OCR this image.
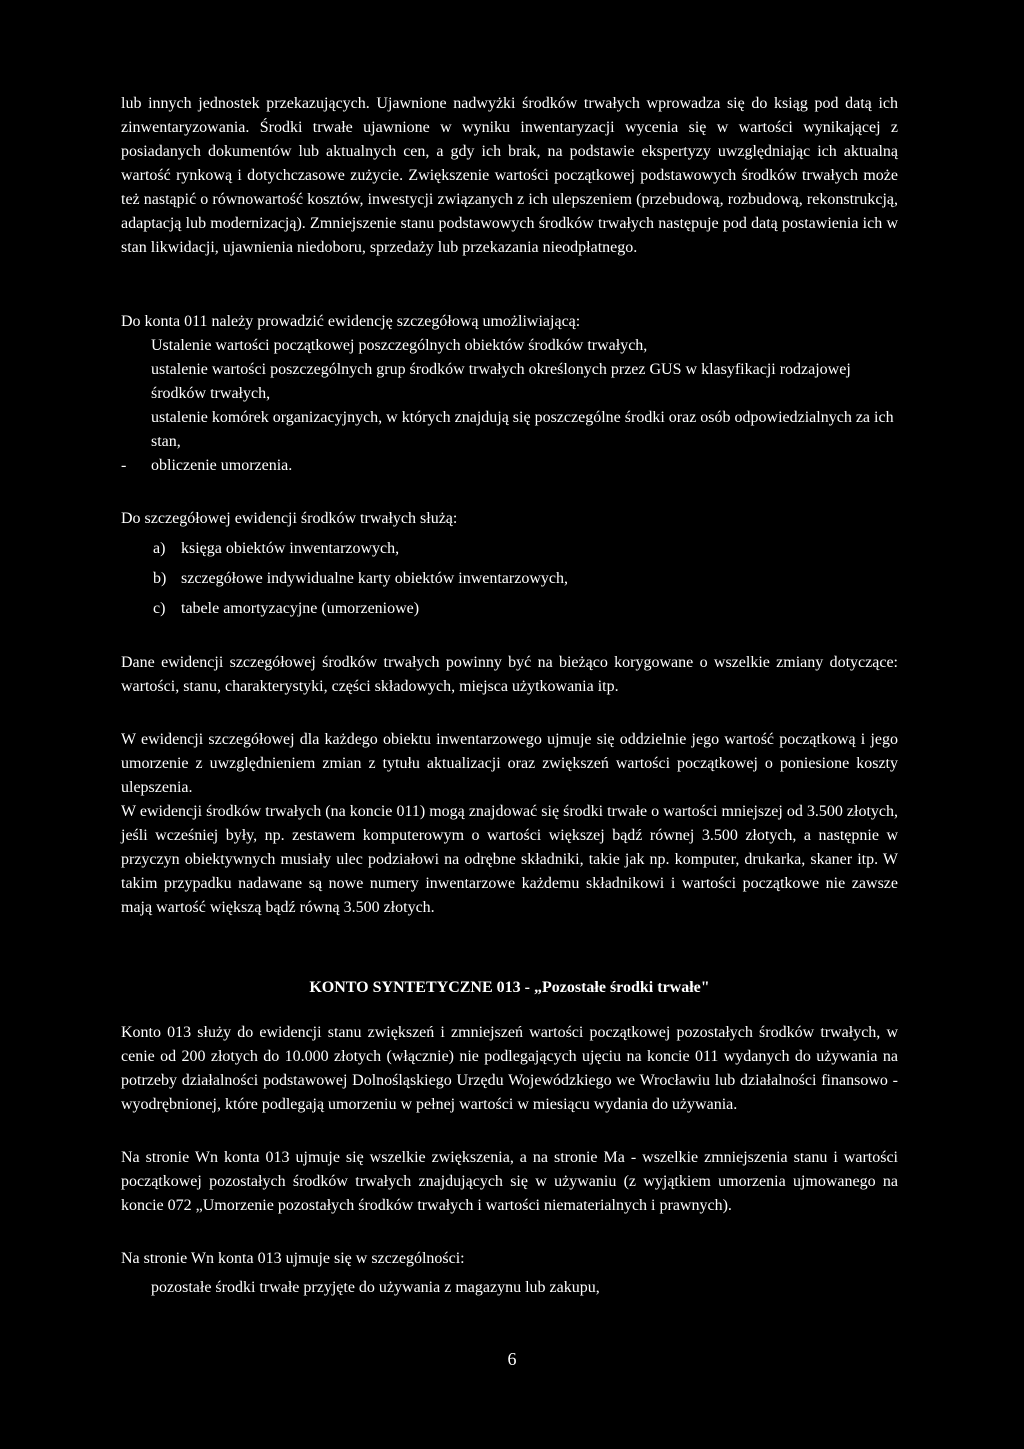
lub innych jednostek przekazujących. Ujawnione nadwyżki środków trwałych wprowadza się do ksiąg pod datą ich zinwentaryzowania. Środki trwałe ujawnione w wyniku inwentaryzacji wycenia się w wartości wynikającej z posiadanych dokumentów lub aktualnych cen, a gdy ich brak, na podstawie ekspertyzy uwzględniając ich aktualną wartość rynkową i dotychczasowe zużycie. Zwiększenie wartości początkowej podstawowych środków trwałych może też nastąpić o równowartość kosztów, inwestycji związanych z ich ulepszeniem (przebudową, rozbudową, rekonstrukcją, adaptacją lub modernizacją). Zmniejszenie stanu podstawowych środków trwałych następuje pod datą postawienia ich w stan likwidacji, ujawnienia niedoboru, sprzedaży lub przekazania nieodpłatnego.

Do konta 011 należy prowadzić ewidencję szczegółową umożliwiającą:

Ustalenie wartości początkowej poszczególnych obiektów środków trwałych,
ustalenie wartości poszczególnych grup środków trwałych określonych przez GUS w klasyfikacji rodzajowej środków trwałych,
ustalenie komórek organizacyjnych, w których znajdują się poszczególne środki oraz osób odpowiedzialnych za ich stan,
- obliczenie umorzenia.

Do szczegółowej ewidencji środków trwałych służą:

a) księga obiektów inwentarzowych,
b) szczegółowe indywidualne karty obiektów inwentarzowych,
c) tabele amortyzacyjne (umorzeniowe)

Dane ewidencji szczegółowej środków trwałych powinny być na bieżąco korygowane o wszelkie zmiany dotyczące: wartości, stanu, charakterystyki, części składowych, miejsca użytkowania itp.

W ewidencji szczegółowej dla każdego obiektu inwentarzowego ujmuje się oddzielnie jego wartość początkową i jego umorzenie z uwzględnieniem zmian z tytułu aktualizacji oraz zwiększeń wartości początkowej o poniesione koszty ulepszenia.

W ewidencji środków trwałych (na koncie 011) mogą znajdować się środki trwałe o wartości mniejszej od 3.500 złotych, jeśli wcześniej były, np. zestawem komputerowym o wartości większej bądź równej 3.500 złotych, a następnie w przyczyn obiektywnych musiały ulec podziałowi na odrębne składniki, takie jak np. komputer, drukarka, skaner itp. W takim przypadku nadawane są nowe numery inwentarzowe każdemu składnikowi i wartości początkowe nie zawsze mają wartość większą bądź równą 3.500 złotych.

KONTO SYNTETYCZNE 013 - „Pozostałe środki trwałe"

Konto 013 służy do ewidencji stanu zwiększeń i zmniejszeń wartości początkowej pozostałych środków trwałych, w cenie od 200 złotych do 10.000 złotych (włącznie) nie podlegających ujęciu na koncie 011 wydanych do używania na potrzeby działalności podstawowej Dolnośląskiego Urzędu Wojewódzkiego we Wrocławiu lub działalności finansowo - wyodrębnionej, które podlegają umorzeniu w pełnej wartości w miesiącu wydania do używania.

Na stronie Wn konta 013 ujmuje się wszelkie zwiększenia, a na stronie Ma - wszelkie zmniejszenia stanu i wartości początkowej pozostałych środków trwałych znajdujących się w używaniu (z wyjątkiem umorzenia ujmowanego na koncie 072 „Umorzenie pozostałych środków trwałych i wartości niematerialnych i prawnych).

Na stronie Wn konta 013 ujmuje się w szczególności:

pozostałe środki trwałe przyjęte do używania z magazynu lub zakupu,
6
